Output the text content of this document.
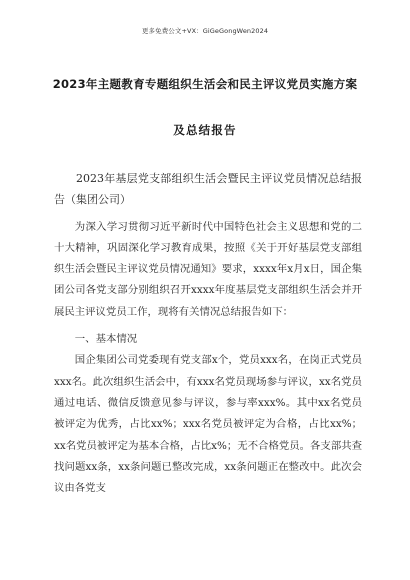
更多免费公文+VX：GiGeGongWen2024
2023年主题教育专题组织生活会和民主评议党员实施方案
及总结报告

2023年基层党支部组织生活会暨民主评议党员情况总结报告（集团公司）

为深入学习贯彻习近平新时代中国特色社会主义思想和党的二十大精神，巩固深化学习教育成果，按照《关于开好基层党支部组织生活会暨民主评议党员情况通知》要求，xxxx年x月x日，国企集团公司各党支部分别组织召开xxxx年度基层党支部组织生活会并开展民主评议党员工作，现将有关情况总结报告如下：

一、基本情况

国企集团公司党委现有党支部x个，党员xxx名，在岗正式党员xxx名。此次组织生活会中，有xxx名党员现场参与评议，xx名党员通过电话、微信反馈意见参与评议，参与率xxx%。其中xx名党员被评定为优秀，占比xx%；xxx名党员被评定为合格，占比xx%；xx名党员被评定为基本合格，占比x%；无不合格党员。各支部共查找问题xx条，xx条问题已整改完成，xx条问题正在整改中。此次会议由各党支
